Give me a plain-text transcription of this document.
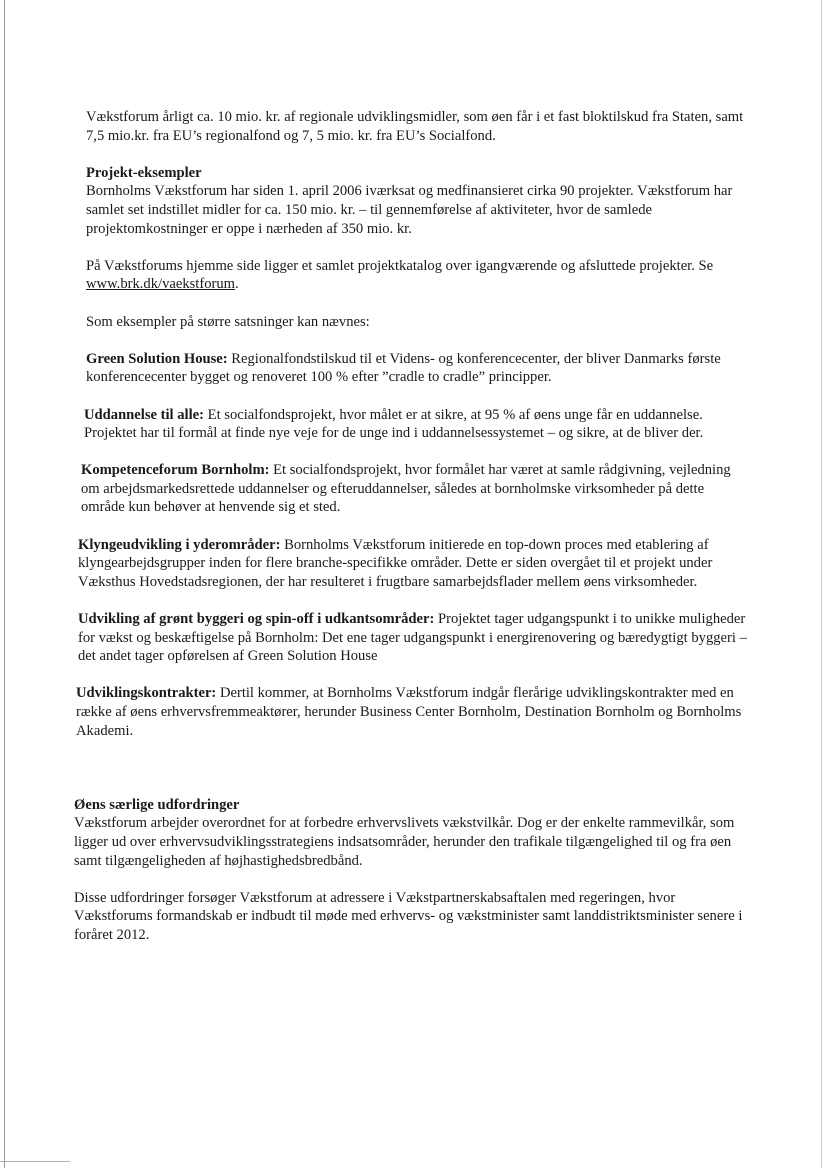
Vækstforum årligt ca. 10 mio. kr. af regionale udviklingsmidler, som øen får i et fast bloktilskud fra Staten, samt 7,5 mio.kr. fra EU’s regionalfond og 7, 5 mio. kr. fra EU’s Socialfond.

Projekt-eksempler
Bornholms Vækstforum har siden 1. april 2006 iværksat og medfinansieret cirka 90 projekter. Vækstforum har samlet set indstillet midler for ca. 150 mio. kr. – til gennemførelse af aktiviteter, hvor de samlede projektomkostninger er oppe i nærheden af 350 mio. kr.

På Vækstforums hjemme side ligger et samlet projektkatalog over igangværende og afsluttede projekter. Se www.brk.dk/vaekstforum.

Som eksempler på større satsninger kan nævnes:

Green Solution House: Regionalfondstilskud til et Videns- og konferencecenter, der bliver Danmarks første konferencecenter bygget og renoveret 100 % efter ”cradle to cradle” principper.

Uddannelse til alle: Et socialfondsprojekt, hvor målet er at sikre, at 95 % af øens unge får en uddannelse. Projektet har til formål at finde nye veje for de unge ind i uddannelsessystemet – og sikre, at de bliver der.

Kompetenceforum Bornholm: Et socialfondsprojekt, hvor formålet har været at samle rådgivning, vejledning om arbejdsmarkedsrettede uddannelser og efteruddannelser, således at bornholmske virksomheder på dette område kun behøver at henvende sig et sted.

Klyngeudvikling i yderområder: Bornholms Vækstforum initierede en top-down proces med etablering af klyngearbejdsgrupper inden for flere branche-specifikke områder. Dette er siden overgået til et projekt under Væksthus Hovedstadsregionen, der har resulteret i frugtbare samarbejdsflader mellem øens virksomheder.

Udvikling af grønt byggeri og spin-off i udkantsområder: Projektet tager udgangspunkt i to unikke muligheder for vækst og beskæftigelse på Bornholm: Det ene tager udgangspunkt i energirenovering og bæredygtigt byggeri – det andet tager opførelsen af Green Solution House

Udviklingskontrakter: Dertil kommer, at Bornholms Vækstforum indgår flerårige udviklingskontrakter med en række af øens erhvervsfremmeaktører, herunder Business Center Bornholm, Destination Bornholm og Bornholms Akademi.

Øens særlige udfordringer
Vækstforum arbejder overordnet for at forbedre erhvervslivets vækstvilkår. Dog er der enkelte rammevilkår, som ligger ud over erhvervsudviklingsstrategiens indsatsområder, herunder den trafikale tilgængelighed til og fra øen samt tilgængeligheden af højhastighedsbredbånd.

Disse udfordringer forsøger Vækstforum at adressere i Vækstpartnerskabsaftalen med regeringen, hvor Vækstforums formandskab er indbudt til møde med erhvervs- og vækstminister samt landdistriktsminister senere i foråret 2012.
